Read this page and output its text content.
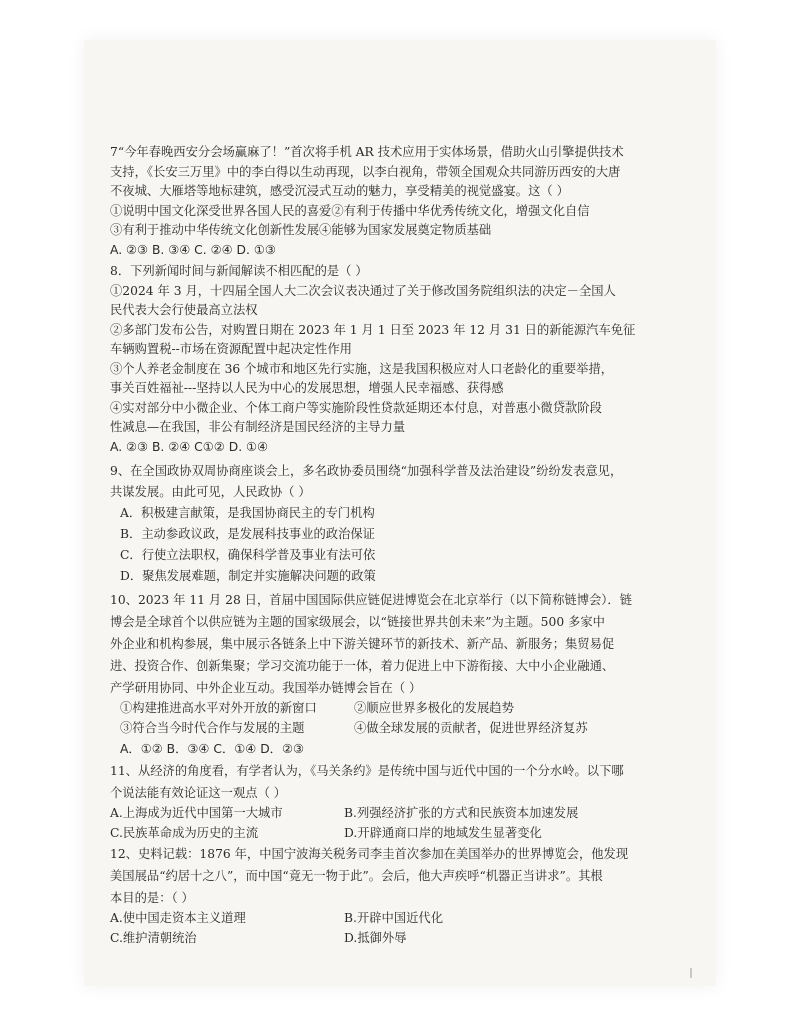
7“今年春晚西安分会场赢麻了！”首次将手机 AR 技术应用于实体场景，借助火山引擎提供技术

支持，《长安三万里》中的李白得以生动再现，以李白视角，带领全国观众共同游历西安的大唐

不夜城、大雁塔等地标建筑，感受沉浸式互动的魅力，享受精美的视觉盛宴。这（ ）

①说明中国文化深受世界各国人民的喜爱②有利于传播中华优秀传统文化，增强文化自信

③有利于推动中华传统文化创新性发展④能够为国家发展奠定物质基础

A. ②③ B. ③④ C. ②④ D. ①③

8．下列新闻时间与新闻解读不相匹配的是（ ）

①2024 年 3 月，十四届全国人大二次会议表决通过了关于修改国务院组织法的决定－全国人

民代表大会行使最高立法权

②多部门发布公告，对购置日期在 2023 年 1 月 1 日至 2023 年 12 月 31 日的新能源汽车免征

车辆购置税--市场在资源配置中起决定性作用

③个人养老金制度在 36 个城市和地区先行实施，这是我国积极应对人口老龄化的重要举措，

事关百姓福祉---坚持以人民为中心的发展思想，增强人民幸福感、获得感

④实对部分中小微企业、个体工商户等实施阶段性贷款延期还本付息，对普惠小微贷款阶段

性减息—在我国，非公有制经济是国民经济的主导力量

A. ②③ B. ②④ C①② D. ①④

9、在全国政协双周协商座谈会上，多名政协委员围绕“加强科学普及法治建设”纷纷发表意见，

共谋发展。由此可见，人民政协（ ）

A．积极建言献策，是我国协商民主的专门机构

B．主动参政议政，是发展科技事业的政治保证

C．行使立法职权，确保科学普及事业有法可依

D．聚焦发展难题，制定并实施解决问题的政策

10、2023 年 11 月 28 日，首届中国国际供应链促进博览会在北京举行（以下简称链博会）．链

博会是全球首个以供应链为主题的国家级展会，以“链接世界共创未来”为主题。500 多家中

外企业和机构参展，集中展示各链条上中下游关键环节的新技术、新产品、新服务；集贸易促

进、投资合作、创新集聚；学习交流功能于一体，着力促进上中下游衔接、大中小企业融通、

产学研用协同、中外企业互动。我国举办链博会旨在（ ）

①构建推进高水平对外开放的新窗口	②顺应世界多极化的发展趋势
③符合当今时代合作与发展的主题	④做全球发展的贡献者，促进世界经济复苏

A．①② B．③④ C．①④ D．②③

11、从经济的角度看，有学者认为，《马关条约》是传统中国与近代中国的一个分水岭。以下哪

个说法能有效论证这一观点（ ）

A.上海成为近代中国第一大城市	B.列强经济扩张的方式和民族资本加速发展
C.民族革命成为历史的主流	D.开辟通商口岸的地域发生显著变化

12、史料记载：1876 年，中国宁波海关税务司李圭首次参加在美国举办的世界博览会，他发现

美国展品“约居十之八”，而中国“竟无一物于此”。会后，他大声疾呼“机器正当讲求”。其根

本目的是：（ ）

A.使中国走资本主义道理	B.开辟中国近代化
C.维护清朝统治	D.抵御外辱
